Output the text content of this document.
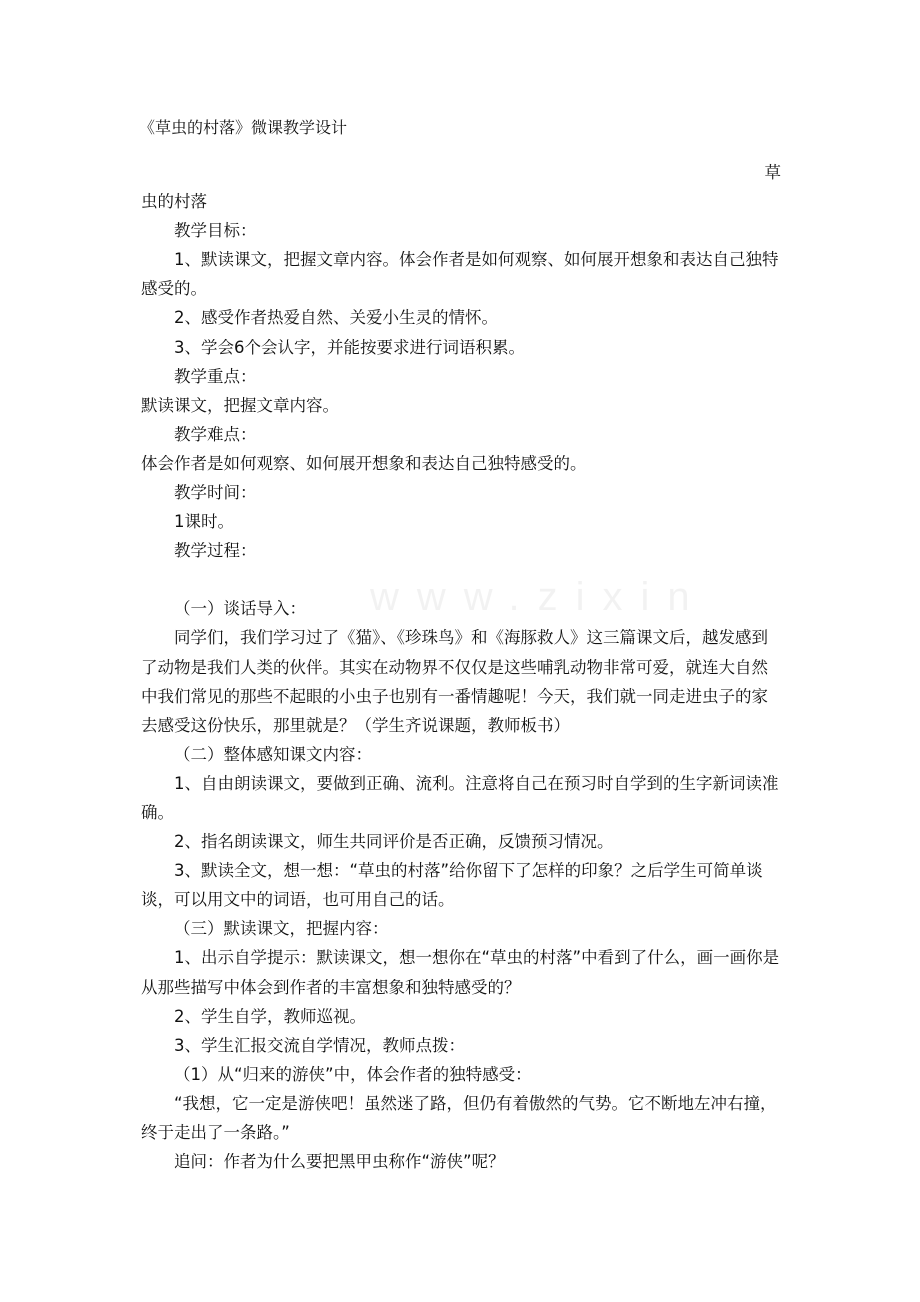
www.zixin
《草虫的村落》微课教学设计

草

虫的村落

教学目标：

1、默读课文，把握文章内容。体会作者是如何观察、如何展开想象和表达自己独特感受的。

2、感受作者热爱自然、关爱小生灵的情怀。

3、学会6个会认字，并能按要求进行词语积累。

教学重点：

默读课文，把握文章内容。

教学难点：

体会作者是如何观察、如何展开想象和表达自己独特感受的。

教学时间：

1课时。

教学过程：

（一）谈话导入：

同学们，我们学习过了《猫》、《珍珠鸟》和《海豚救人》这三篇课文后，越发感到了动物是我们人类的伙伴。其实在动物界不仅仅是这些哺乳动物非常可爱，就连大自然中我们常见的那些不起眼的小虫子也别有一番情趣呢！今天，我们就一同走进虫子的家去感受这份快乐，那里就是？（学生齐说课题，教师板书）

（二）整体感知课文内容：

1、自由朗读课文，要做到正确、流利。注意将自己在预习时自学到的生字新词读准确。

2、指名朗读课文，师生共同评价是否正确，反馈预习情况。

3、默读全文，想一想：“草虫的村落”给你留下了怎样的印象？之后学生可简单谈谈，可以用文中的词语，也可用自己的话。

（三）默读课文，把握内容：

1、出示自学提示：默读课文，想一想你在“草虫的村落”中看到了什么，画一画你是从那些描写中体会到作者的丰富想象和独特感受的？

2、学生自学，教师巡视。

3、学生汇报交流自学情况，教师点拨：

（1）从“归来的游侠”中，体会作者的独特感受：

“我想，它一定是游侠吧！虽然迷了路，但仍有着傲然的气势。它不断地左冲右撞，终于走出了一条路。”

追问：作者为什么要把黑甲虫称作“游侠”呢？
